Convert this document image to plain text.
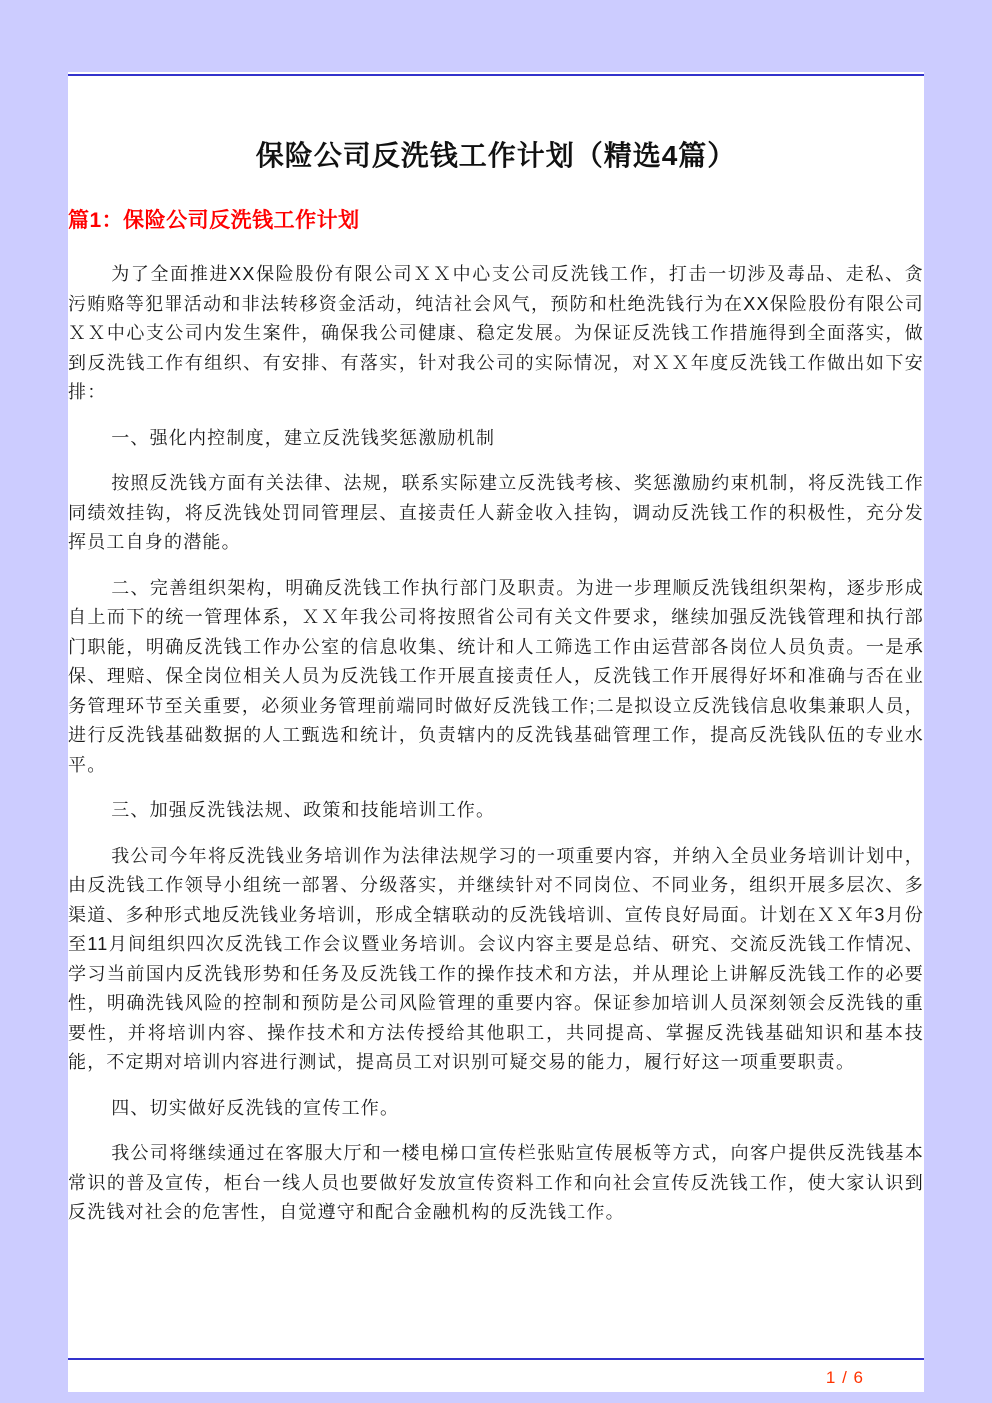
保险公司反洗钱工作计划（精选4篇）
篇1：保险公司反洗钱工作计划

为了全面推进XX保险股份有限公司ＸＸ中心支公司反洗钱工作，打击一切涉及毒品、走私、贪污贿赂等犯罪活动和非法转移资金活动，纯洁社会风气，预防和杜绝洗钱行为在XX保险股份有限公司ＸＸ中心支公司内发生案件，确保我公司健康、稳定发展。为保证反洗钱工作措施得到全面落实，做到反洗钱工作有组织、有安排、有落实，针对我公司的实际情况，对ＸＸ年度反洗钱工作做出如下安排：

一、强化内控制度，建立反洗钱奖惩激励机制

按照反洗钱方面有关法律、法规，联系实际建立反洗钱考核、奖惩激励约束机制，将反洗钱工作同绩效挂钩，将反洗钱处罚同管理层、直接责任人薪金收入挂钩，调动反洗钱工作的积极性，充分发挥员工自身的潜能。

二、完善组织架构，明确反洗钱工作执行部门及职责。为进一步理顺反洗钱组织架构，逐步形成自上而下的统一管理体系，ＸＸ年我公司将按照省公司有关文件要求，继续加强反洗钱管理和执行部门职能，明确反洗钱工作办公室的信息收集、统计和人工筛选工作由运营部各岗位人员负责。一是承保、理赔、保全岗位相关人员为反洗钱工作开展直接责任人，反洗钱工作开展得好坏和准确与否在业务管理环节至关重要，必须业务管理前端同时做好反洗钱工作;二是拟设立反洗钱信息收集兼职人员，进行反洗钱基础数据的人工甄选和统计，负责辖内的反洗钱基础管理工作，提高反洗钱队伍的专业水平。

三、加强反洗钱法规、政策和技能培训工作。

我公司今年将反洗钱业务培训作为法律法规学习的一项重要内容，并纳入全员业务培训计划中，由反洗钱工作领导小组统一部署、分级落实，并继续针对不同岗位、不同业务，组织开展多层次、多渠道、多种形式地反洗钱业务培训，形成全辖联动的反洗钱培训、宣传良好局面。计划在ＸＸ年3月份至11月间组织四次反洗钱工作会议暨业务培训。会议内容主要是总结、研究、交流反洗钱工作情况、学习当前国内反洗钱形势和任务及反洗钱工作的操作技术和方法，并从理论上讲解反洗钱工作的必要性，明确洗钱风险的控制和预防是公司风险管理的重要内容。保证参加培训人员深刻领会反洗钱的重要性，并将培训内容、操作技术和方法传授给其他职工，共同提高、掌握反洗钱基础知识和基本技能，不定期对培训内容进行测试，提高员工对识别可疑交易的能力，履行好这一项重要职责。

四、切实做好反洗钱的宣传工作。

我公司将继续通过在客服大厅和一楼电梯口宣传栏张贴宣传展板等方式，向客户提供反洗钱基本常识的普及宣传，柜台一线人员也要做好发放宣传资料工作和向社会宣传反洗钱工作，使大家认识到反洗钱对社会的危害性，自觉遵守和配合金融机构的反洗钱工作。

1 / 6
